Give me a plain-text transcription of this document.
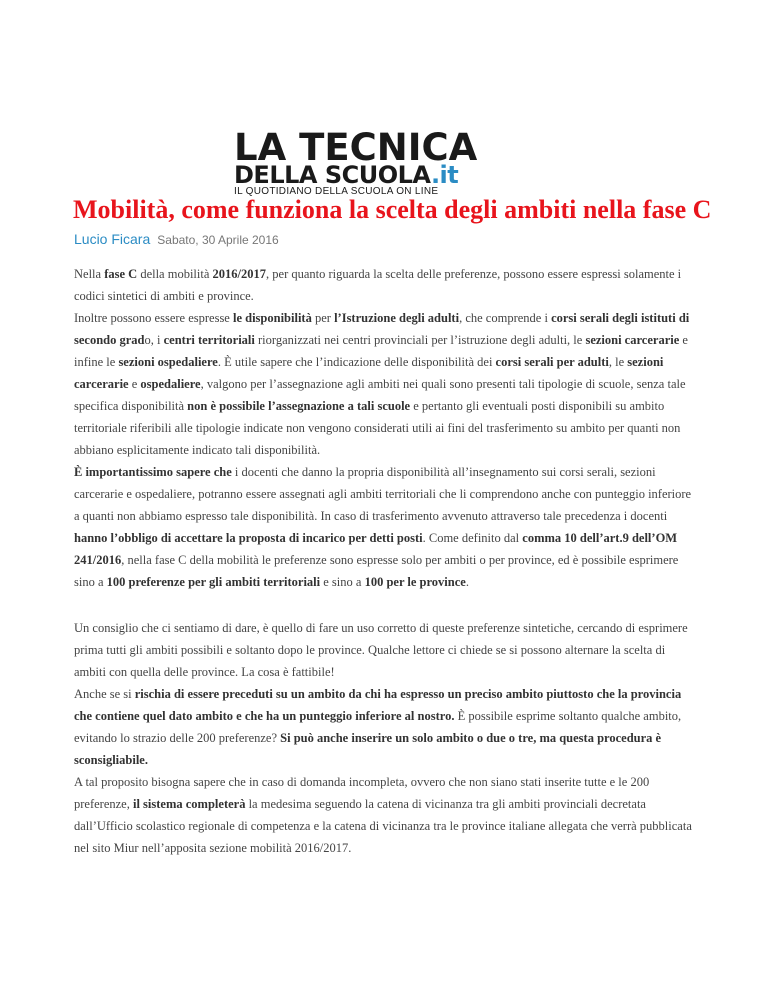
LA TECNICA
DELLA SCUOLA.it
IL QUOTIDIANO DELLA SCUOLA ON LINE
Mobilità, come funziona la scelta degli ambiti nella fase C
Lucio Ficara Sabato, 30 Aprile 2016

Nella fase C della mobilità 2016/2017, per quanto riguarda la scelta delle preferenze, possono essere espressi solamente i codici sintetici di ambiti e province.

Inoltre possono essere espresse le disponibilità per l’Istruzione degli adulti, che comprende i corsi serali degli istituti di secondo grado, i centri territoriali riorganizzati nei centri provinciali per l’istruzione degli adulti, le sezioni carcerarie e infine le sezioni ospedaliere. È utile sapere che l’indicazione delle disponibilità dei corsi serali per adulti, le sezioni carcerarie e ospedaliere, valgono per l’assegnazione agli ambiti nei quali sono presenti tali tipologie di scuole, senza tale specifica disponibilità non è possibile l’assegnazione a tali scuole e pertanto gli eventuali posti disponibili su ambito territoriale riferibili alle tipologie indicate non vengono considerati utili ai fini del trasferimento su ambito per quanti non abbiano esplicitamente indicato tali disponibilità.

È importantissimo sapere che i docenti che danno la propria disponibilità all’insegnamento sui corsi serali, sezioni carcerarie e ospedaliere, potranno essere assegnati agli ambiti territoriali che li comprendono anche con punteggio inferiore a quanti non abbiamo espresso tale disponibilità. In caso di trasferimento avvenuto attraverso tale precedenza i docenti hanno l’obbligo di accettare la proposta di incarico per detti posti. Come definito dal comma 10 dell’art.9 dell’OM 241/2016, nella fase C della mobilità le preferenze sono espresse solo per ambiti o per province, ed è possibile esprimere sino a 100 preferenze per gli ambiti territoriali e sino a 100 per le province.

Un consiglio che ci sentiamo di dare, è quello di fare un uso corretto di queste preferenze sintetiche, cercando di esprimere prima tutti gli ambiti possibili e soltanto dopo le province. Qualche lettore ci chiede se si possono alternare la scelta di ambiti con quella delle province. La cosa è fattibile!

Anche se si rischia di essere preceduti su un ambito da chi ha espresso un preciso ambito piuttosto che la provincia che contiene quel dato ambito e che ha un punteggio inferiore al nostro. È possibile esprime soltanto qualche ambito, evitando lo strazio delle 200 preferenze? Si può anche inserire un solo ambito o due o tre, ma questa procedura è sconsigliabile.

A tal proposito bisogna sapere che in caso di domanda incompleta, ovvero che non siano stati inserite tutte e le 200 preferenze, il sistema completerà la medesima seguendo la catena di vicinanza tra gli ambiti provinciali decretata dall’Ufficio scolastico regionale di competenza e la catena di vicinanza tra le province italiane allegata che verrà pubblicata nel sito Miur nell’apposita sezione mobilità 2016/2017.
